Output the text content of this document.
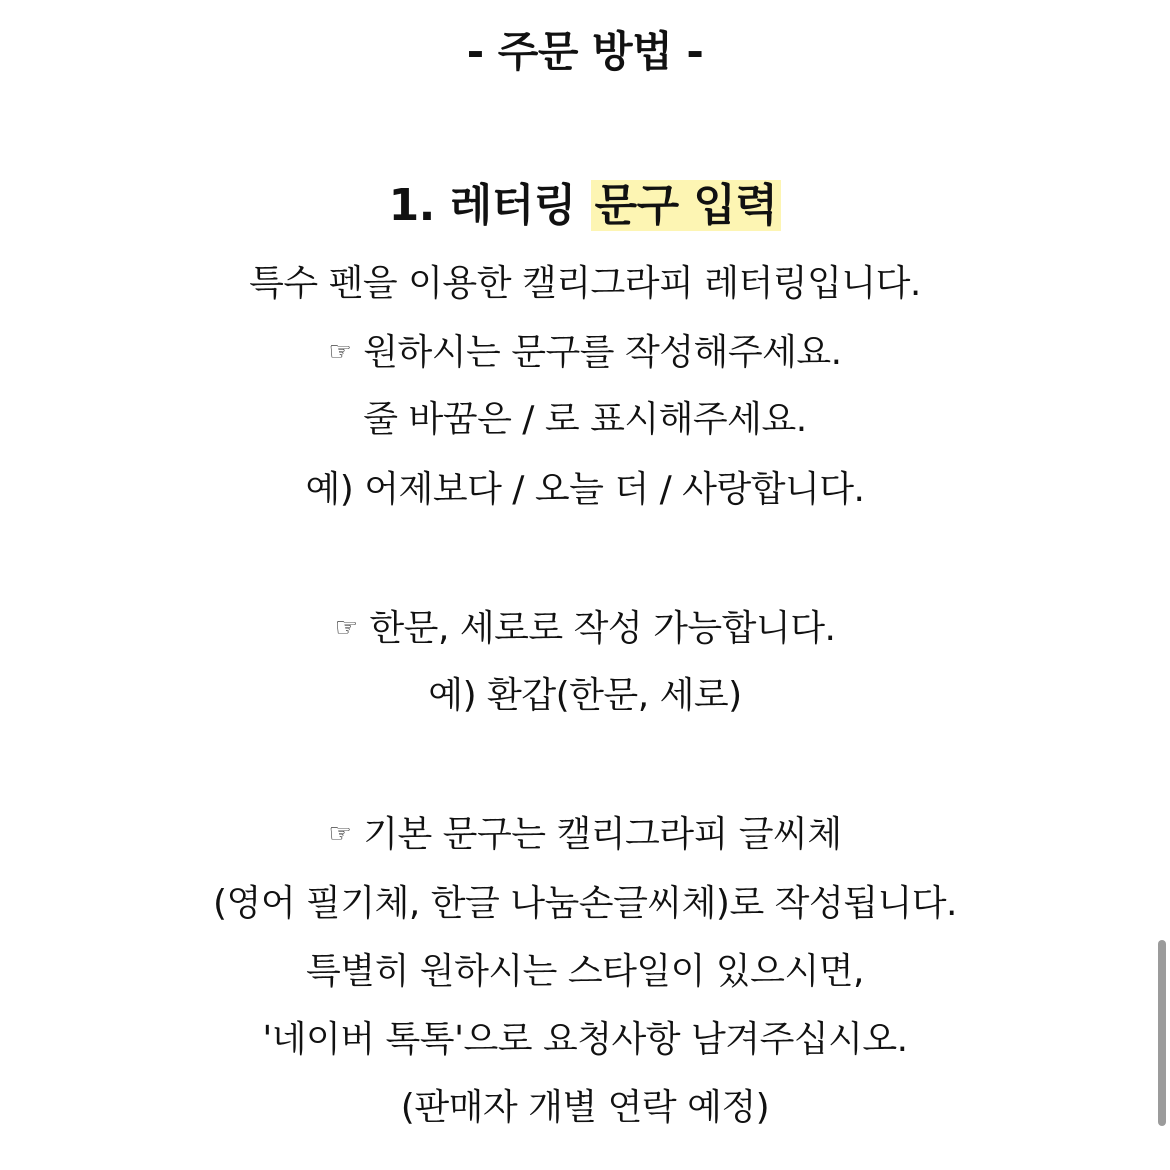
- 주문 방법 -
1. 레터링 문구 입력
특수 펜을 이용한 캘리그라피 레터링입니다.
☞ 원하시는 문구를 작성해주세요.
줄 바꿈은 / 로 표시해주세요.
예) 어제보다 / 오늘 더 / 사랑합니다.
☞ 한문, 세로로 작성 가능합니다.
예) 환갑(한문, 세로)
☞ 기본 문구는 캘리그라피 글씨체
(영어 필기체, 한글 나눔손글씨체)로 작성됩니다.
특별히 원하시는 스타일이 있으시면,
'네이버 톡톡'으로 요청사항 남겨주십시오.
(판매자 개별 연락 예정)
